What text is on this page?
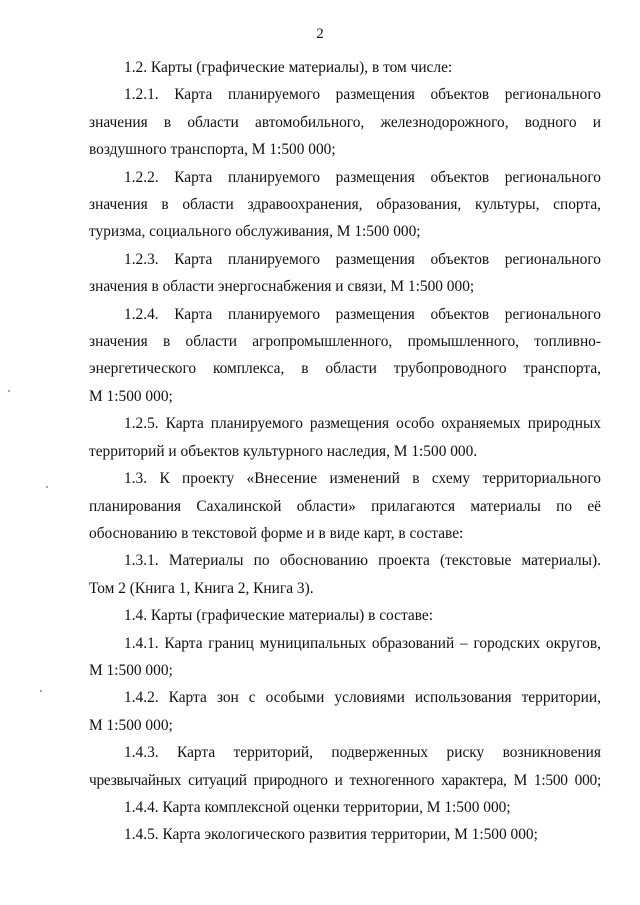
2

1.2. Карты (графические материалы), в том числе:

1.2.1. Карта планируемого размещения объектов регионального
значения в области автомобильного, железнодорожного, водного и
воздушного транспорта, М 1:500 000;

1.2.2. Карта планируемого размещения объектов регионального
значения в области здравоохранения, образования, культуры, спорта,
туризма, социального обслуживания, М 1:500 000;

1.2.3. Карта планируемого размещения объектов регионального
значения в области энергоснабжения и связи, М 1:500 000;

1.2.4. Карта планируемого размещения объектов регионального
значения в области агропромышленного, промышленного, топливно-
энергетического комплекса, в области трубопроводного транспорта,
М 1:500 000;

1.2.5. Карта планируемого размещения особо охраняемых природных
территорий и объектов культурного наследия, М 1:500 000.

1.3. К проекту «Внесение изменений в схему территориального
планирования Сахалинской области» прилагаются материалы по её
обоснованию в текстовой форме и в виде карт, в составе:

1.3.1. Материалы по обоснованию проекта (текстовые материалы).
Том 2 (Книга 1, Книга 2, Книга 3).

1.4. Карты (графические материалы) в составе:

1.4.1. Карта границ муниципальных образований – городских округов,
М 1:500 000;

1.4.2. Карта зон с особыми условиями использования территории,
М 1:500 000;

1.4.3. Карта территорий, подверженных риску возникновения
чрезвычайных ситуаций природного и техногенного характера, М 1:500 000;

1.4.4. Карта комплексной оценки территории, М 1:500 000;

1.4.5. Карта экологического развития территории, М 1:500 000;
